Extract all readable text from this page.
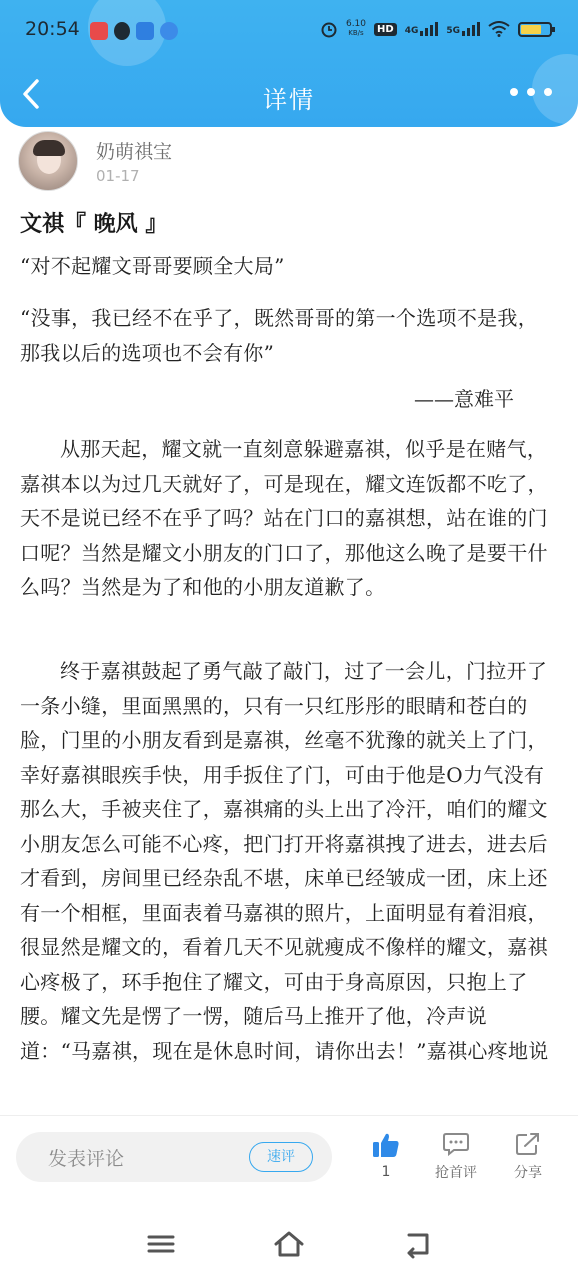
20:54	6.10
KB/s	HD	4G	5G
详情
奶萌祺宝
01-17
文祺『 晚风 』
“对不起耀文哥哥要顾全大局”
“没事，我已经不在乎了，既然哥哥的第一个选项不是我，那我以后的选项也不会有你”
——意难平
从那天起，耀文就一直刻意躲避嘉祺，似乎是在赌气，嘉祺本以为过几天就好了，可是现在，耀文连饭都不吃了，天不是说已经不在乎了吗？站在门口的嘉祺想，站在谁的门口呢？当然是耀文小朋友的门口了，那他这么晚了是要干什么吗？当然是为了和他的小朋友道歉了。
终于嘉祺鼓起了勇气敲了敲门，过了一会儿，门拉开了一条小缝，里面黑黑的，只有一只红彤彤的眼睛和苍白的脸，门里的小朋友看到是嘉祺，丝毫不犹豫的就关上了门，幸好嘉祺眼疾手快，用手扳住了门，可由于他是O力气没有那么大，手被夹住了，嘉祺痛的头上出了冷汗，咱们的耀文小朋友怎么可能不心疼，把门打开将嘉祺拽了进去，进去后才看到，房间里已经杂乱不堪，床单已经皱成一团，床上还有一个相框，里面表着马嘉祺的照片，上面明显有着泪痕，很显然是耀文的，看着几天不见就瘦成不像样的耀文，嘉祺心疼极了，环手抱住了耀文，可由于身高原因，只抱上了腰。耀文先是愣了一愣，随后马上推开了他，冷声说道：“马嘉祺，现在是休息时间，请你出去！”嘉祺心疼地说
发表评论	速评
1	抢首评	分享
